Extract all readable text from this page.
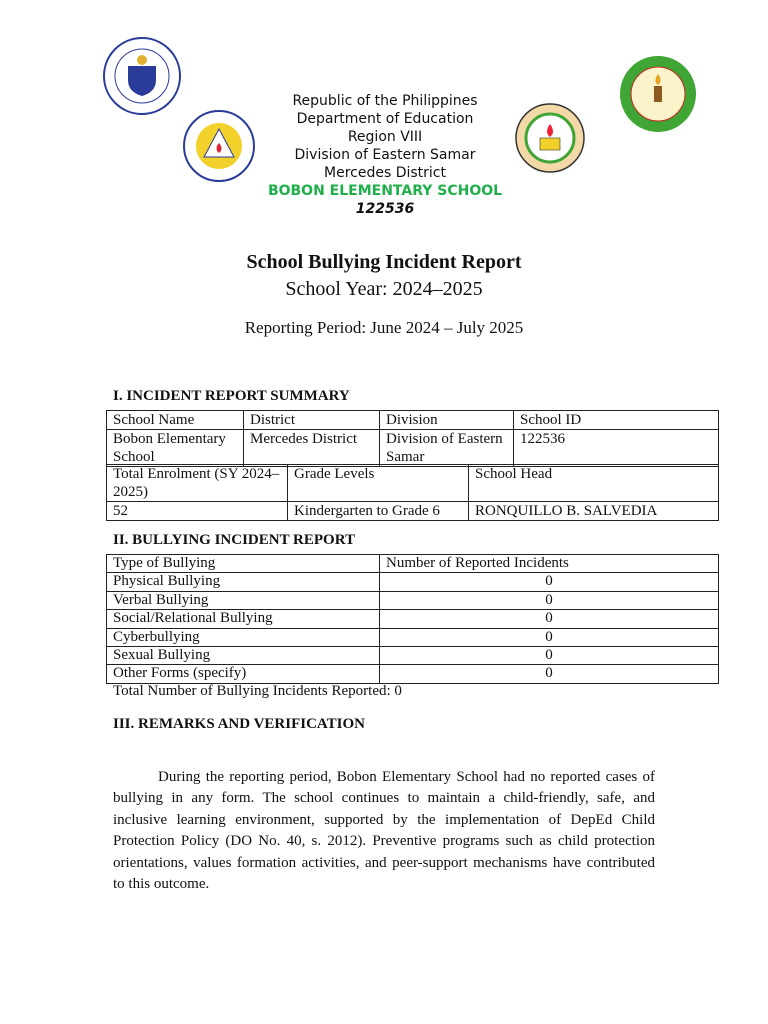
Republic of the Philippines
Department of Education
Region VIII
Division of Eastern Samar
Mercedes District
BOBON ELEMENTARY SCHOOL
122536
School Bullying Incident Report
School Year: 2024–2025
Reporting Period: June 2024 – July 2025
I. INCIDENT REPORT SUMMARY
School Name	District	Division	School ID
Bobon Elementary School	Mercedes District	Division of Eastern Samar	122536
Total Enrolment (SY 2024–2025)	Grade Levels	School Head
52	Kindergarten to Grade 6	RONQUILLO B. SALVEDIA
II. BULLYING INCIDENT REPORT
Type of Bullying	Number of Reported Incidents
Physical Bullying	0
Verbal Bullying	0
Social/Relational Bullying	0
Cyberbullying	0
Sexual Bullying	0
Other Forms (specify)	0
Total Number of Bullying Incidents Reported: 0
III. REMARKS AND VERIFICATION
During the reporting period, Bobon Elementary School had no reported cases of bullying in any form. The school continues to maintain a child-friendly, safe, and inclusive learning environment, supported by the implementation of DepEd Child Protection Policy (DO No. 40, s. 2012). Preventive programs such as child protection orientations, values formation activities, and peer-support mechanisms have contributed to this outcome.
